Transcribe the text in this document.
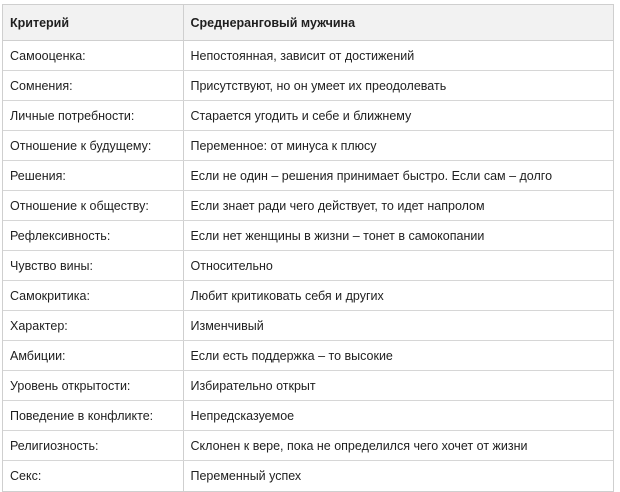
Критерий	Среднеранговый мужчина
Самооценка:	Непостоянная, зависит от достижений
Сомнения:	Присутствуют, но он умеет их преодолевать
Личные потребности:	Старается угодить и себе и ближнему
Отношение к будущему:	Переменное: от минуса к плюсу
Решения:	Если не один – решения принимает быстро. Если сам – долго
Отношение к обществу:	Если знает ради чего действует, то идет напролом
Рефлексивность:	Если нет женщины в жизни – тонет в самокопании
Чувство вины:	Относительно
Самокритика:	Любит критиковать себя и других
Характер:	Изменчивый
Амбиции:	Если есть поддержка – то высокие
Уровень открытости:	Избирательно открыт
Поведение в конфликте:	Непредсказуемое
Религиозность:	Склонен к вере, пока не определился чего хочет от жизни
Секс:	Переменный успех
